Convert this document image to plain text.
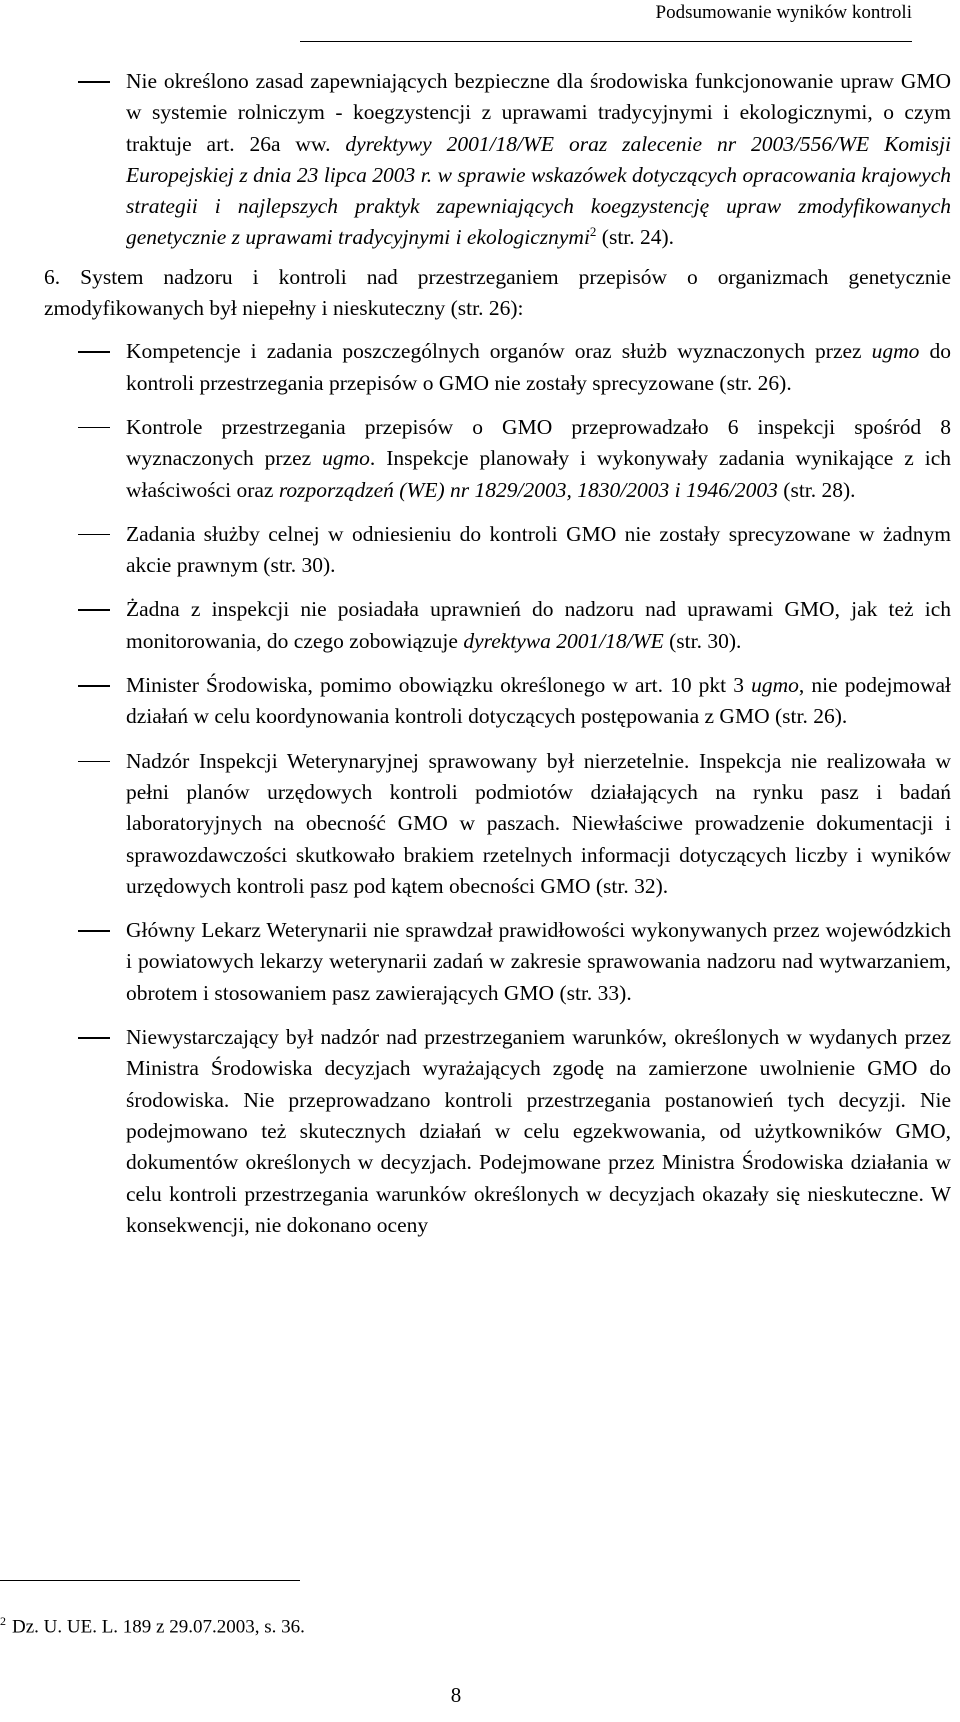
Podsumowanie wyników kontroli
Nie określono zasad zapewniających bezpieczne dla środowiska funkcjonowanie upraw GMO w systemie rolniczym - koegzystencji z uprawami tradycyjnymi i ekologicznymi, o czym traktuje art. 26a ww. dyrektywy 2001/18/WE oraz zalecenie nr 2003/556/WE Komisji Europejskiej z dnia 23 lipca 2003 r. w sprawie wskazówek dotyczących opracowania krajowych strategii i najlepszych praktyk zapewniających koegzystencję upraw zmodyfikowanych genetycznie z uprawami tradycyjnymi i ekologicznymi$^2$ (str. 24).
6. System nadzoru i kontroli nad przestrzeganiem przepisów o organizmach genetycznie zmodyfikowanych był niepełny i nieskuteczny (str. 26):
Kompetencje i zadania poszczególnych organów oraz służb wyznaczonych przez ugmo do kontroli przestrzegania przepisów o GMO nie zostały sprecyzowane (str. 26).
Kontrole przestrzegania przepisów o GMO przeprowadzało 6 inspekcji spośród 8 wyznaczonych przez ugmo. Inspekcje planowały i wykonywały zadania wynikające z ich właściwości oraz rozporządzeń (WE) nr 1829/2003, 1830/2003 i 1946/2003 (str. 28).
Zadania służby celnej w odniesieniu do kontroli GMO nie zostały sprecyzowane w żadnym akcie prawnym (str. 30).
Żadna z inspekcji nie posiadała uprawnień do nadzoru nad uprawami GMO, jak też ich monitorowania, do czego zobowiązuje dyrektywa 2001/18/WE (str. 30).
Minister Środowiska, pomimo obowiązku określonego w art. 10 pkt 3 ugmo, nie podejmował działań w celu koordynowania kontroli dotyczących postępowania z GMO (str. 26).
Nadzór Inspekcji Weterynaryjnej sprawowany był nierzetelnie. Inspekcja nie realizowała w pełni planów urzędowych kontroli podmiotów działających na rynku pasz i badań laboratoryjnych na obecność GMO w paszach. Niewłaściwe prowadzenie dokumentacji i sprawozdawczości skutkowało brakiem rzetelnych informacji dotyczących liczby i wyników urzędowych kontroli pasz pod kątem obecności GMO (str. 32).
Główny Lekarz Weterynarii nie sprawdzał prawidłowości wykonywanych przez wojewódzkich i powiatowych lekarzy weterynarii zadań w zakresie sprawowania nadzoru nad wytwarzaniem, obrotem i stosowaniem pasz zawierających GMO (str. 33).
Niewystarczający był nadzór nad przestrzeganiem warunków, określonych w wydanych przez Ministra Środowiska decyzjach wyrażających zgodę na zamierzone uwolnienie GMO do środowiska. Nie przeprowadzano kontroli przestrzegania postanowień tych decyzji. Nie podejmowano też skutecznych działań w celu egzekwowania, od użytkowników GMO, dokumentów określonych w decyzjach. Podejmowane przez Ministra Środowiska działania w celu kontroli przestrzegania warunków określonych w decyzjach okazały się nieskuteczne. W konsekwencji, nie dokonano oceny
$^2$ Dz. U. UE. L. 189 z 29.07.2003, s. 36.
8
